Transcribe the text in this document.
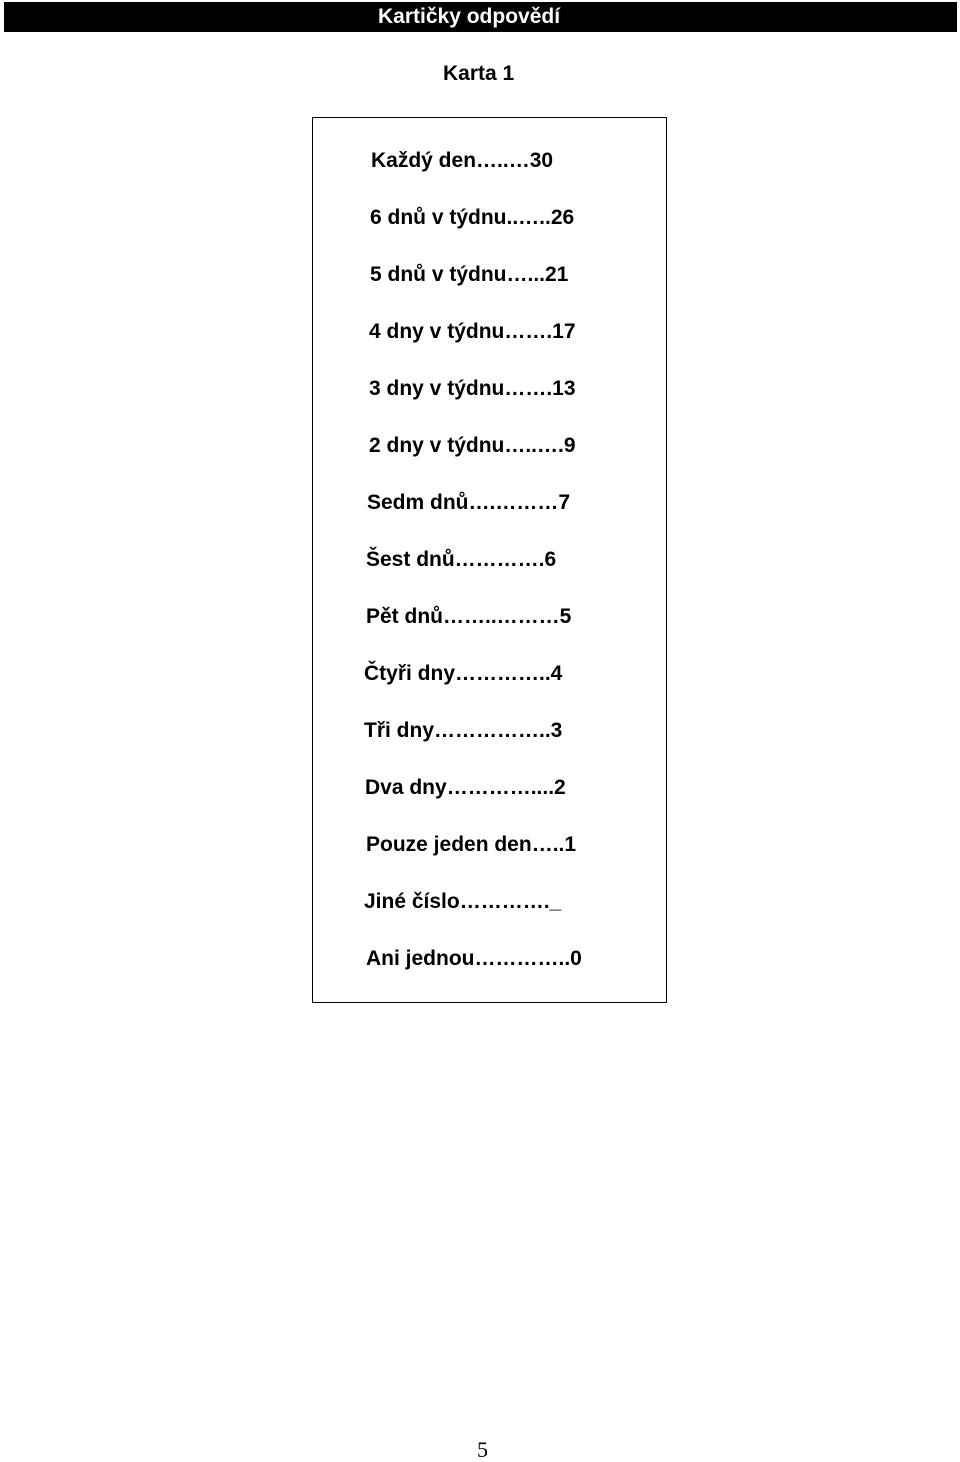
Kartičky odpovědí
Karta 1
Každý den…..…30
6 dnů v týdnu..…..26
5 dnů v týdnu…...21
4 dny v týdnu…….17
3 dny v týdnu…….13
2 dny v týdnu…..….9
Sedm dnů….………7
Šest dnů………….6
Pět dnů……..………5
Čtyři dny…………..4
Tři dny……………..3
Dva dny…………....2
Pouze jeden den…..1
Jiné číslo…………._
Ani jednou…………..0
5
